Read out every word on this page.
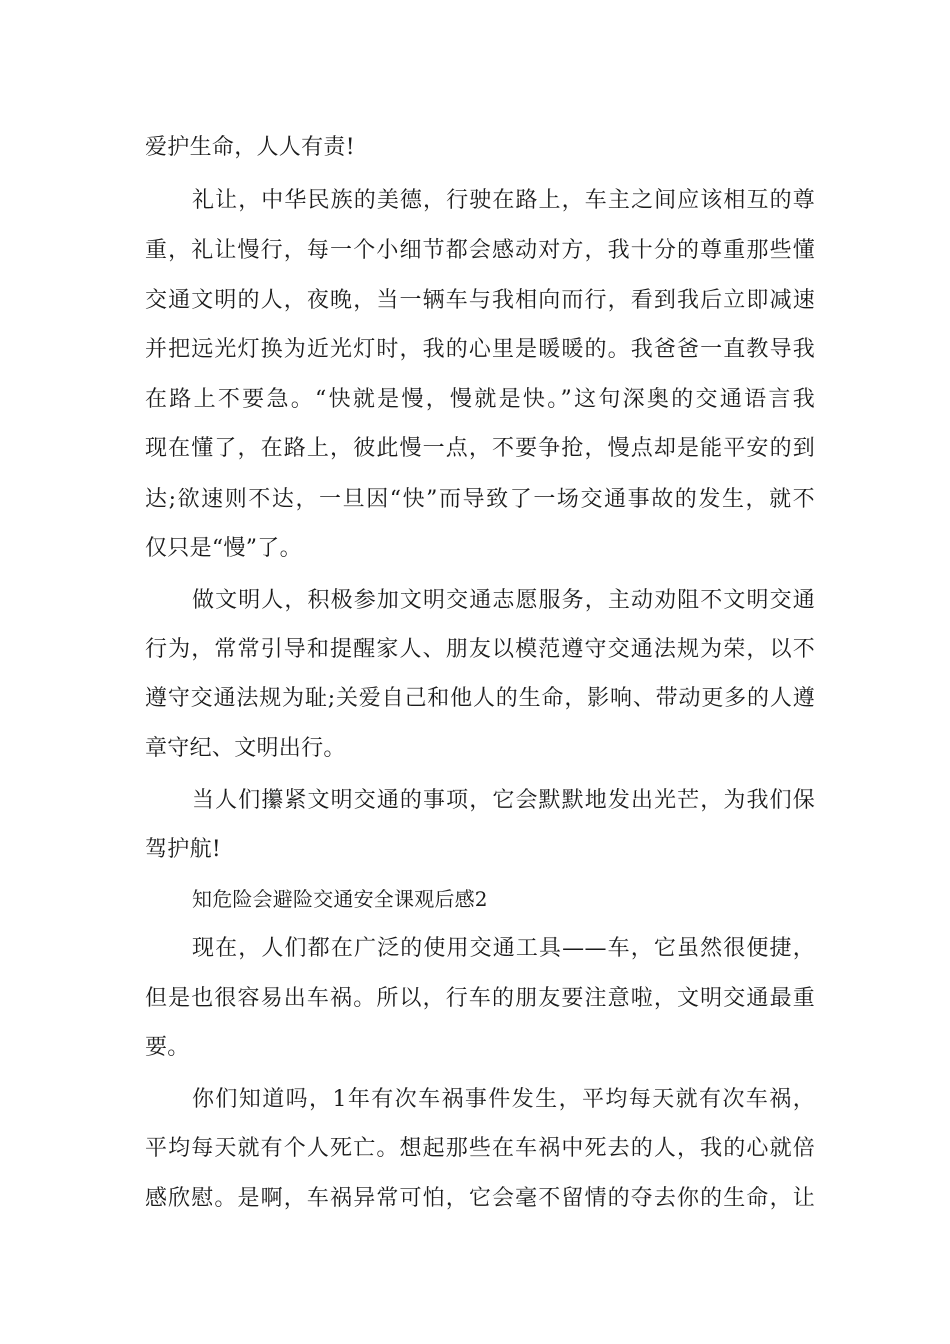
爱护生命，人人有责!

礼让，中华民族的美德，行驶在路上，车主之间应该相互的尊

重，礼让慢行，每一个小细节都会感动对方，我十分的尊重那些懂

交通文明的人，夜晚，当一辆车与我相向而行，看到我后立即减速

并把远光灯换为近光灯时，我的心里是暖暖的。我爸爸一直教导我

在路上不要急。“快就是慢，慢就是快。”这句深奥的交通语言我

现在懂了，在路上，彼此慢一点，不要争抢，慢点却是能平安的到

达;欲速则不达，一旦因“快”而导致了一场交通事故的发生，就不

仅只是“慢”了。

做文明人，积极参加文明交通志愿服务，主动劝阻不文明交通

行为，常常引导和提醒家人、朋友以模范遵守交通法规为荣，以不

遵守交通法规为耻;关爱自己和他人的生命，影响、带动更多的人遵

章守纪、文明出行。

当人们攥紧文明交通的事项，它会默默地发出光芒，为我们保

驾护航!

知危险会避险交通安全课观后感2

现在，人们都在广泛的使用交通工具——车，它虽然很便捷，

但是也很容易出车祸。所以，行车的朋友要注意啦，文明交通最重

要。

你们知道吗，1年有次车祸事件发生，平均每天就有次车祸，

平均每天就有个人死亡。想起那些在车祸中死去的人，我的心就倍

感欣慰。是啊，车祸异常可怕，它会毫不留情的夺去你的生命，让
